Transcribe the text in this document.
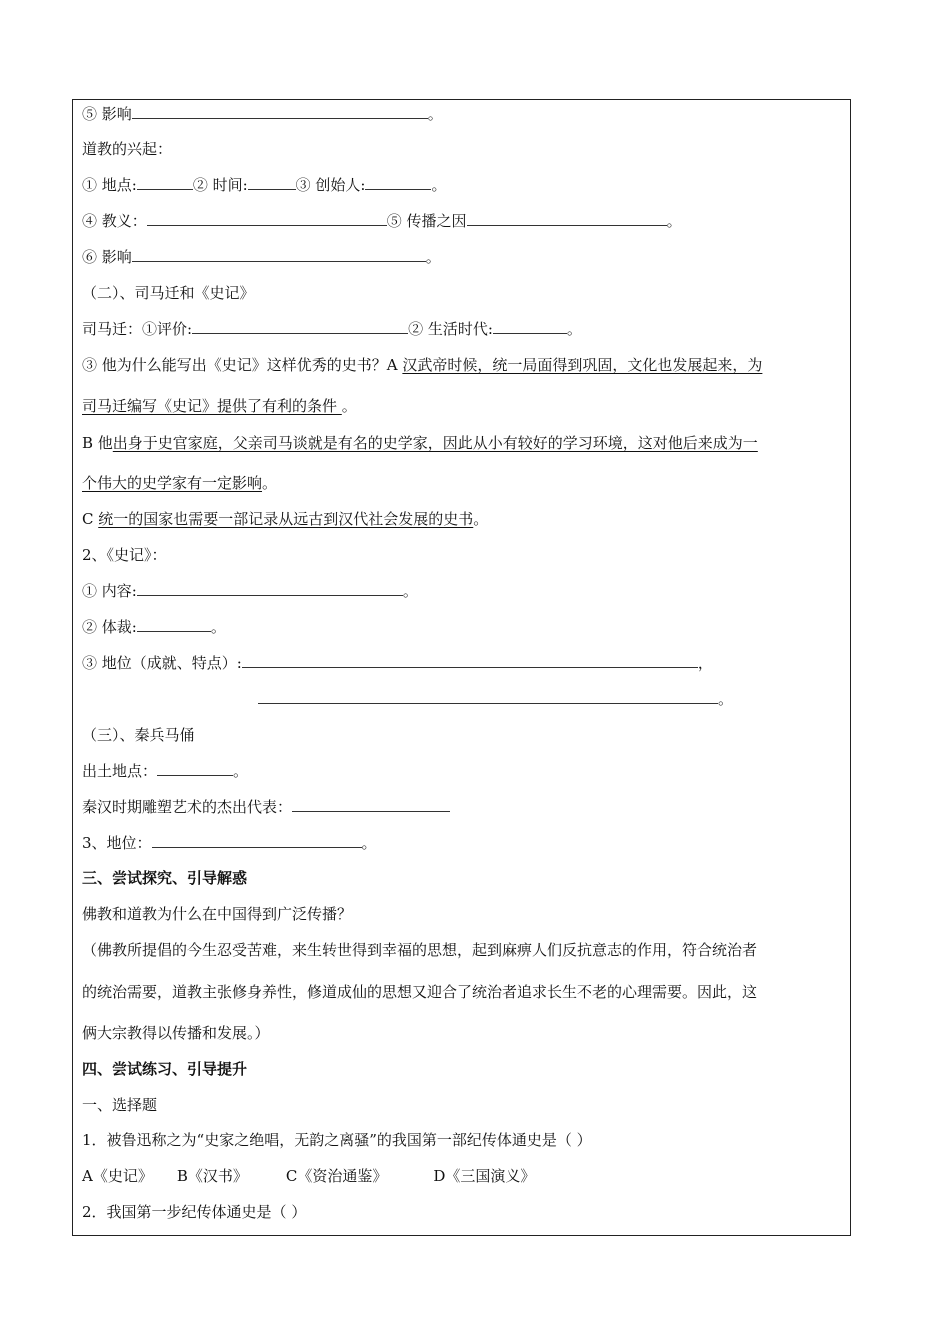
⑤ 影响	。

道教的兴起：

① 地点:	② 时间:	③ 创始人:	。

④ 教义：	⑤ 传播之因	。

⑥ 影响	。

（二）、司马迁和《史记》

司马迁：①评价:	② 生活时代:	。

③ 他为什么能写出《史记》这样优秀的史书？A 汉武帝时候，统一局面得到巩固，文化也发展起来，为

司马迁编写《史记》提供了有利的条件 。

B 他出身于史官家庭，父亲司马谈就是有名的史学家，因此从小有较好的学习环境，这对他后来成为一

个伟大的史学家有一定影响。

C 统一的国家也需要一部记录从远古到汉代社会发展的史书。

2、《史记》：

① 内容:	。

② 体裁:	。

③ 地位（成就、特点）:	，

。

（三）、秦兵马俑

出土地点：	。

秦汉时期雕塑艺术的杰出代表：

3、地位：	。

三、尝试探究、引导解惑

佛教和道教为什么在中国得到广泛传播？

（佛教所提倡的今生忍受苦难，来生转世得到幸福的思想，起到麻痹人们反抗意志的作用，符合统治者

的统治需要，道教主张修身养性，修道成仙的思想又迎合了统治者追求长生不老的心理需要。因此，这

俩大宗教得以传播和发展。）

四、尝试练习、引导提升

一、选择题

1．被鲁迅称之为“史家之绝唱，无韵之离骚”的我国第一部纪传体通史是（ ）

A《史记》 B《汉书》	C《资治通鉴》	D《三国演义》

2．我国第一步纪传体通史是（ ）
